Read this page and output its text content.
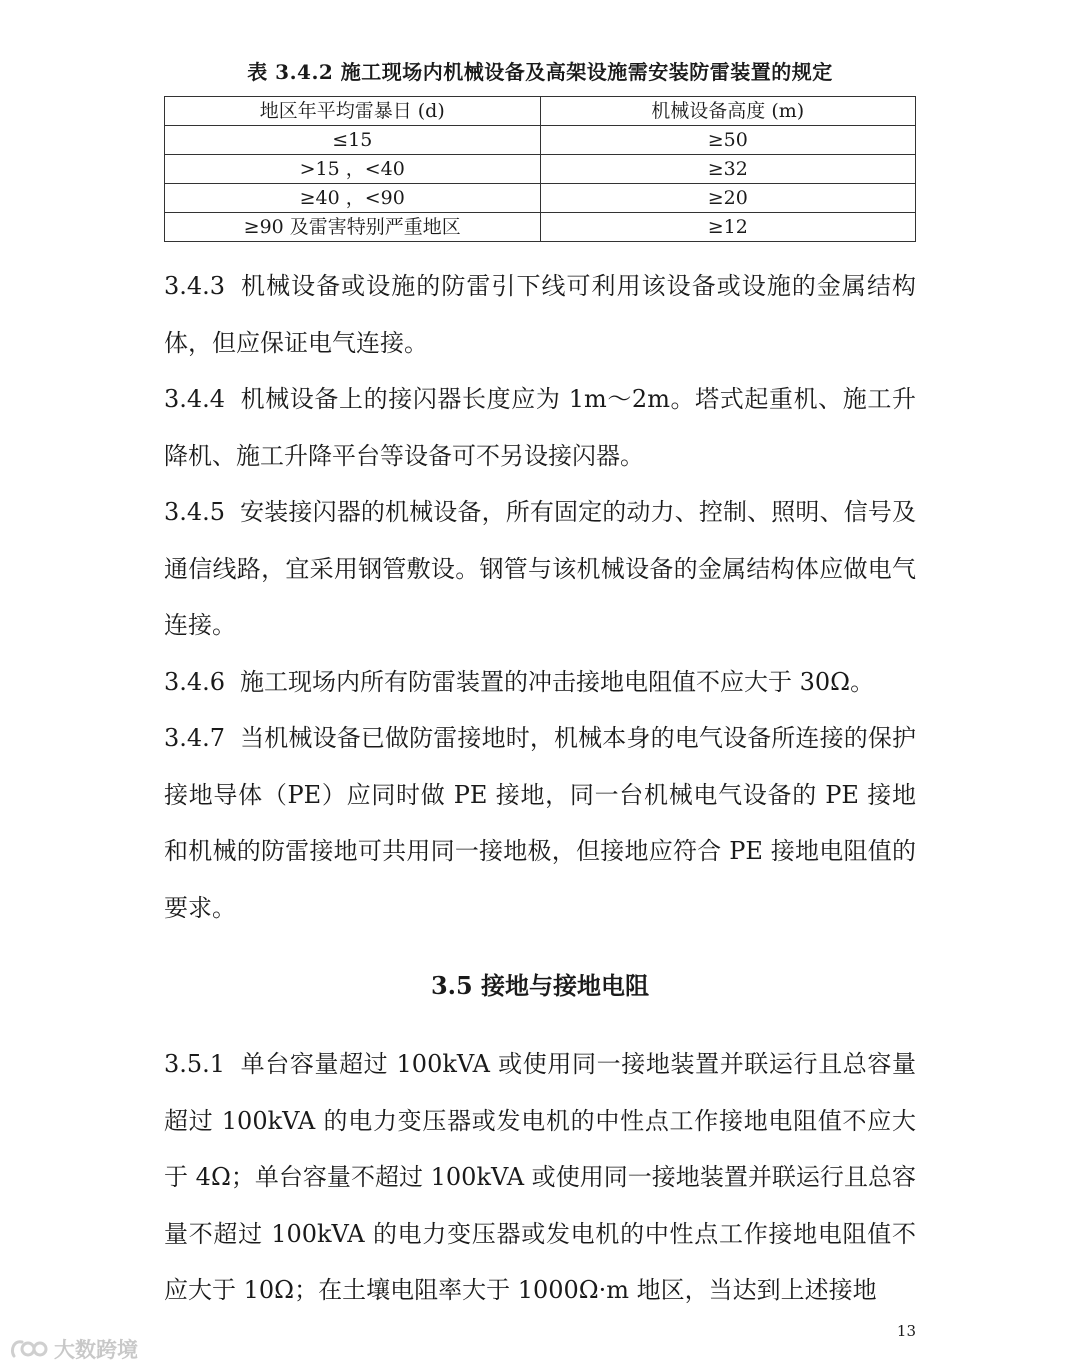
表 3.4.2 施工现场内机械设备及高架设施需安装防雷装置的规定
地区年平均雷暴日 (d)	机械设备高度 (m)
≤15	≥50
>15 ，<40	≥32
≥40 ，<90	≥20
≥90 及雷害特别严重地区	≥12

3.4.3 机械设备或设施的防雷引下线可利用该设备或设施的金属结构体，但应保证电气连接。

3.4.4 机械设备上的接闪器长度应为 1m～2m。塔式起重机、施工升降机、施工升降平台等设备可不另设接闪器。

3.4.5 安装接闪器的机械设备，所有固定的动力、控制、照明、信号及通信线路，宜采用钢管敷设。钢管与该机械设备的金属结构体应做电气连接。

3.4.6 施工现场内所有防雷装置的冲击接地电阻值不应大于 30Ω。

3.4.7 当机械设备已做防雷接地时，机械本身的电气设备所连接的保护接地导体（PE）应同时做 PE 接地，同一台机械电气设备的 PE 接地和机械的防雷接地可共用同一接地极，但接地应符合 PE 接地电阻值的要求。

3.5 接地与接地电阻

3.5.1 单台容量超过 100kVA 或使用同一接地装置并联运行且总容量超过 100kVA 的电力变压器或发电机的中性点工作接地电阻值不应大于 4Ω；单台容量不超过 100kVA 或使用同一接地装置并联运行且总容量不超过 100kVA 的电力变压器或发电机的中性点工作接地电阻值不应大于 10Ω；在土壤电阻率大于 1000Ω·m 地区，当达到上述接地

13
大数跨境
